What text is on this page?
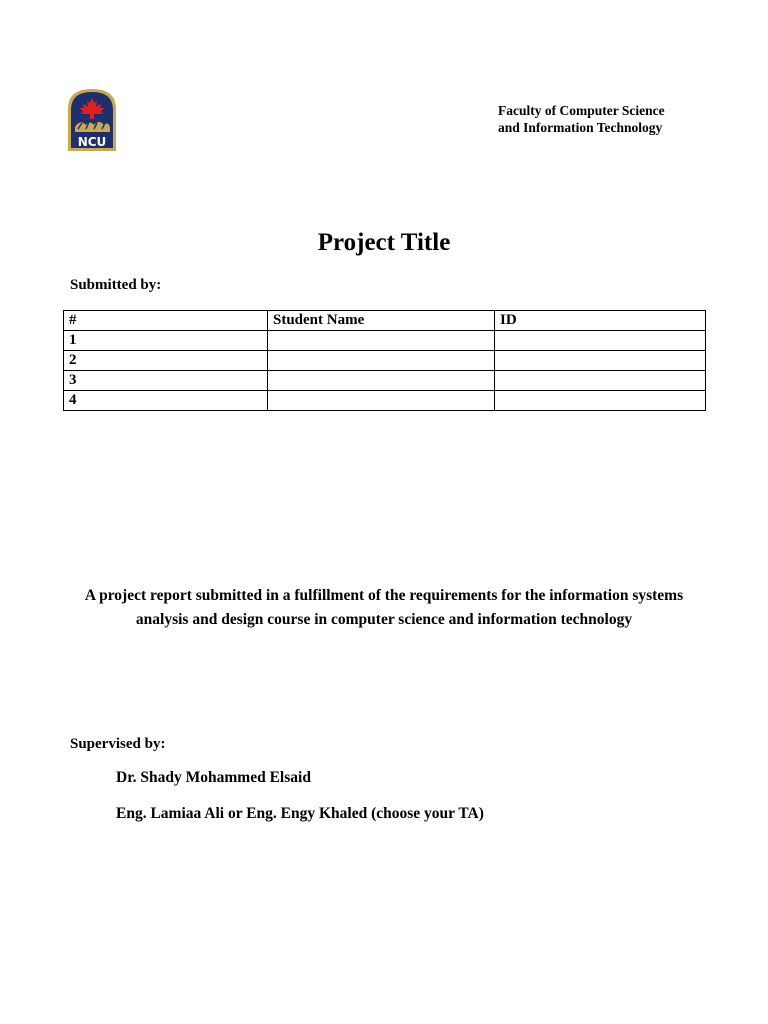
NCU
Faculty of Computer Science
and Information Technology
Project Title
Submitted by:
#	Student Name	ID
1		
2		
3		
4		
A project report submitted in a fulfillment of the requirements for the information systems analysis and design course in computer science and information technology
Supervised by:
Dr. Shady Mohammed Elsaid
Eng. Lamiaa Ali or Eng. Engy Khaled (choose your TA)
